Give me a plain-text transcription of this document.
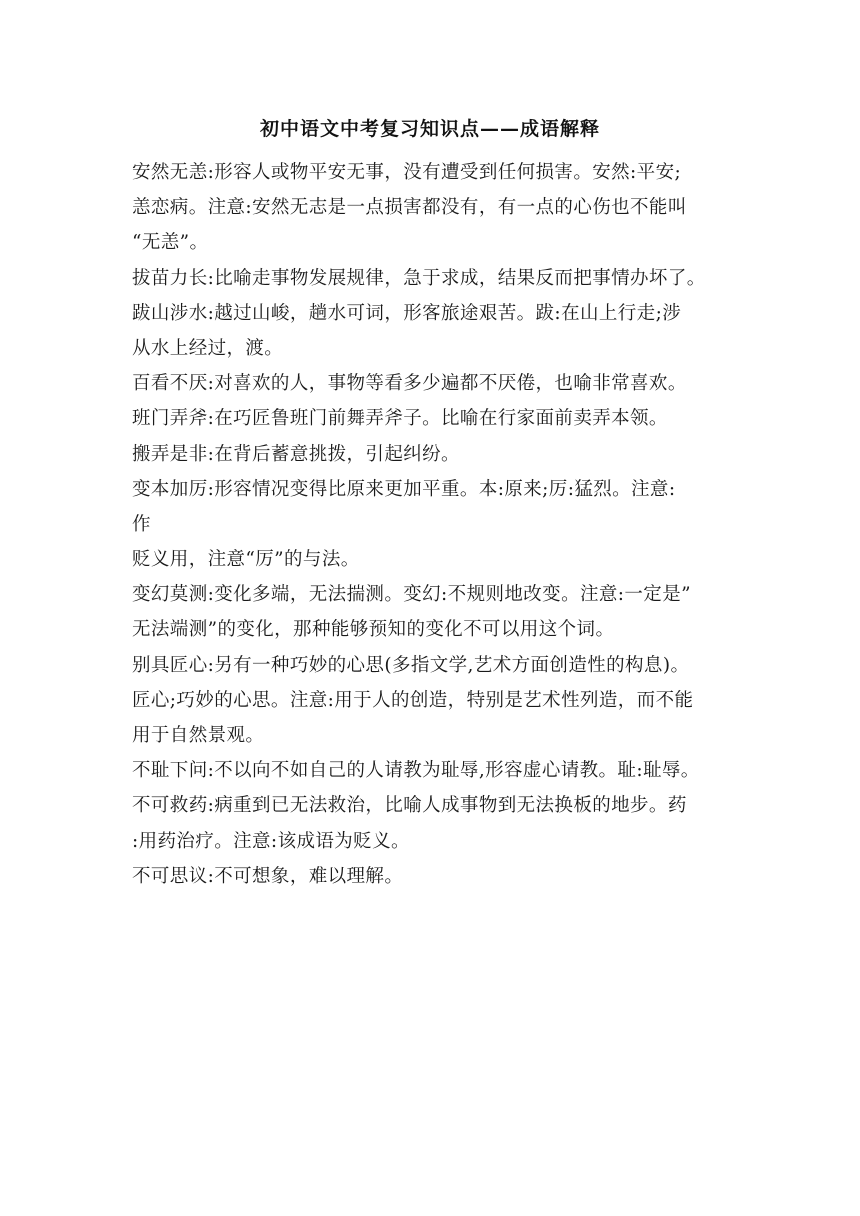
初中语文中考复习知识点——成语解释
安然无恙:形容人或物平安无事，没有遭受到任何损害。安然:平安;
恙恋病。注意:安然无志是一点损害都没有，有一点的心伤也不能叫
“无恙”。
拔苗力长:比喻走事物发展规律，急于求成，结果反而把事情办坏了。
跋山涉水:越过山峻，趟水可词，形客旅途艰苦。跋:在山上行走;涉
从水上经过，渡。
百看不厌:对喜欢的人，事物等看多少遍都不厌倦，也喻非常喜欢。
班门弄斧:在巧匠鲁班门前舞弄斧子。比喻在行家面前卖弄本领。
搬弄是非:在背后蓄意挑拨，引起纠纷。
变本加厉:形容情况变得比原来更加平重。本:原来;厉:猛烈。注意:
作
贬义用，注意“厉”的与法。
变幻莫测:变化多端，无法揣测。变幻:不规则地改变。注意:一定是”
无法端测”的变化，那种能够预知的变化不可以用这个词。
别具匠心:另有一种巧妙的心思(多指文学,艺术方面创造性的构息)。
匠心;巧妙的心思。注意:用于人的创造，特别是艺术性列造，而不能
用于自然景观。
不耻下问:不以向不如自己的人请教为耻辱,形容虚心请教。耻:耻辱。
不可救药:病重到已无法救治，比喻人成事物到无法换板的地步。药
:用药治疗。注意:该成语为贬义。
不可思议:不可想象，难以理解。
